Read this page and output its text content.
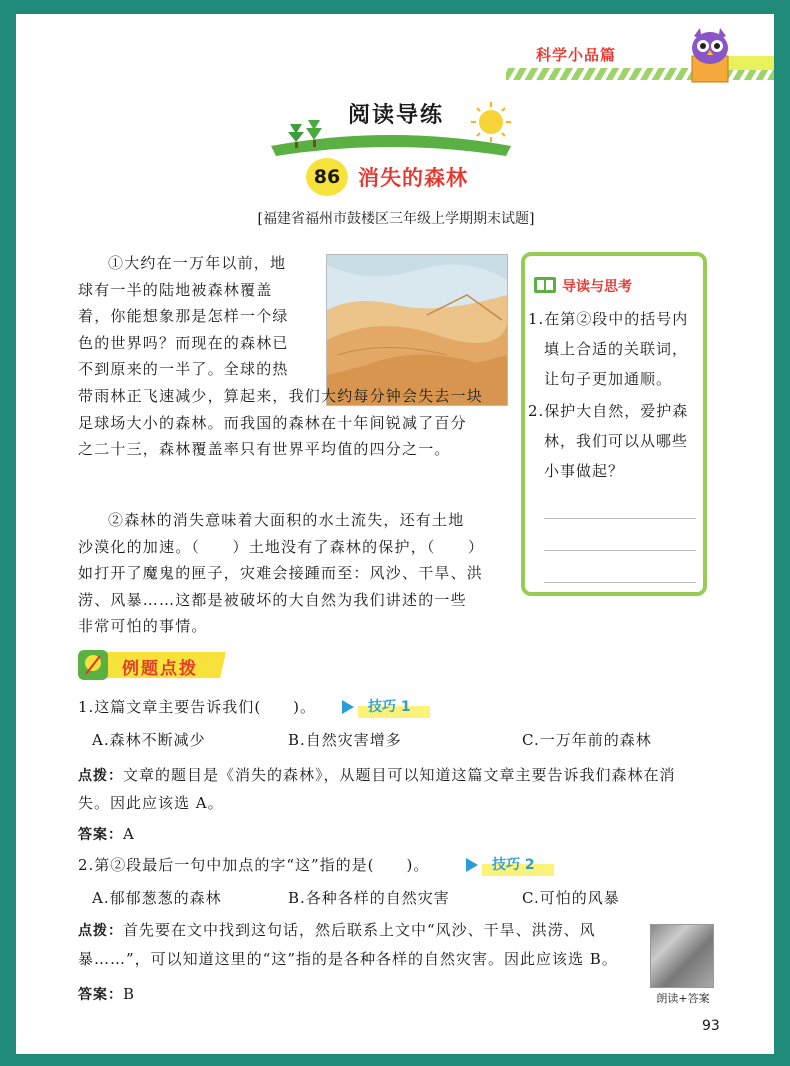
科学小品篇
阅读导练
86 消失的森林
[福建省福州市鼓楼区三年级上学期期末试题]
①大约在一万年以前，地
球有一半的陆地被森林覆盖
着，你能想象那是怎样一个绿
色的世界吗？而现在的森林已
不到原来的一半了。全球的热
带雨林正飞速减少，算起来，我们大约每分钟会失去一块
足球场大小的森林。而我国的森林在十年间锐减了百分
之二十三，森林覆盖率只有世界平均值的四分之一。
②森林的消失意味着大面积的水土流失，还有土地
沙漠化的加速。（　　）土地没有了森林的保护，（　　）
如打开了魔鬼的匣子，灾难会接踵而至：风沙、干旱、洪
涝、风暴……这都是被破坏的大自然为我们讲述的一些
非常可怕的事情。
导读与思考
1.在第②段中的括号内
填上合适的关联词，
让句子更加通顺。
2.保护大自然，爱护森
林，我们可以从哪些
小事做起？
例题点拨
1.这篇文章主要告诉我们(　　)。	技巧 1
A.森林不断减少	B.自然灾害增多	C.一万年前的森林
点拨：文章的题目是《消失的森林》，从题目可以知道这篇文章主要告诉我们森林在消
失。因此应该选 A。
答案：A
2.第②段最后一句中加点的字“这”指的是(　　)。	技巧 2
A.郁郁葱葱的森林	B.各种各样的自然灾害	C.可怕的风暴
点拨：首先要在文中找到这句话，然后联系上文中“风沙、干旱、洪涝、风
暴……”，可以知道这里的“这”指的是各种各样的自然灾害。因此应该选 B。
答案：B	朗读+答案
93
